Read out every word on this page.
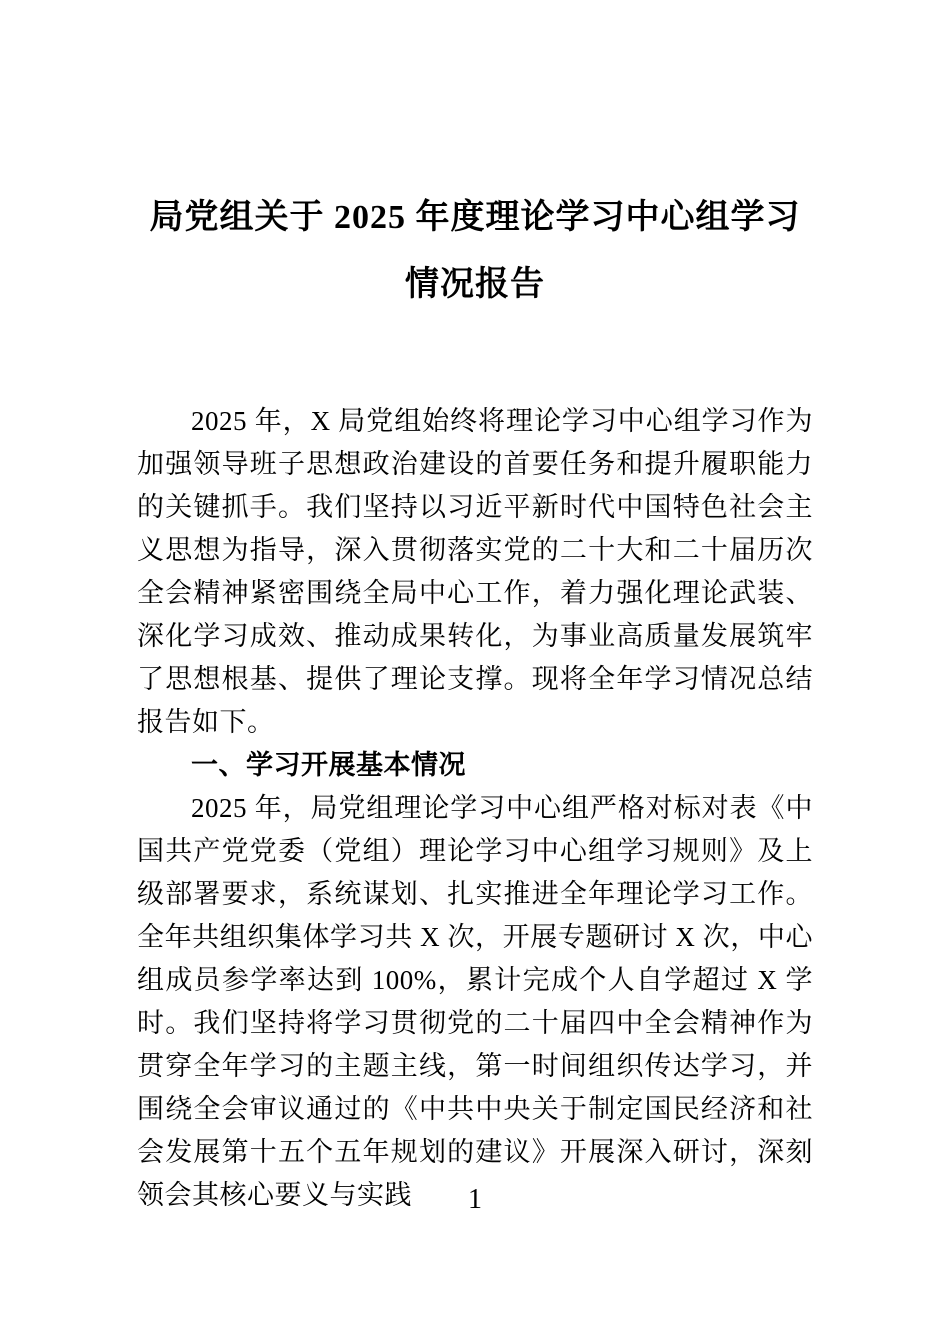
局党组关于 2025 年度理论学习中心组学习
情况报告

2025 年，X 局党组始终将理论学习中心组学习作为加强领导班子思想政治建设的首要任务和提升履职能力的关键抓手。我们坚持以习近平新时代中国特色社会主义思想为指导，深入贯彻落实党的二十大和二十届历次全会精神紧密围绕全局中心工作，着力强化理论武装、深化学习成效、推动成果转化，为事业高质量发展筑牢了思想根基、提供了理论支撑。现将全年学习情况总结报告如下。

一、学习开展基本情况

2025 年，局党组理论学习中心组严格对标对表《中国共产党党委（党组）理论学习中心组学习规则》及上级部署要求，系统谋划、扎实推进全年理论学习工作。全年共组织集体学习共 X 次，开展专题研讨 X 次，中心组成员参学率达到 100%，累计完成个人自学超过 X 学时。我们坚持将学习贯彻党的二十届四中全会精神作为贯穿全年学习的主题主线，第一时间组织传达学习，并围绕全会审议通过的《中共中央关于制定国民经济和社会发展第十五个五年规划的建议》开展深入研讨，深刻领会其核心要义与实践	1
